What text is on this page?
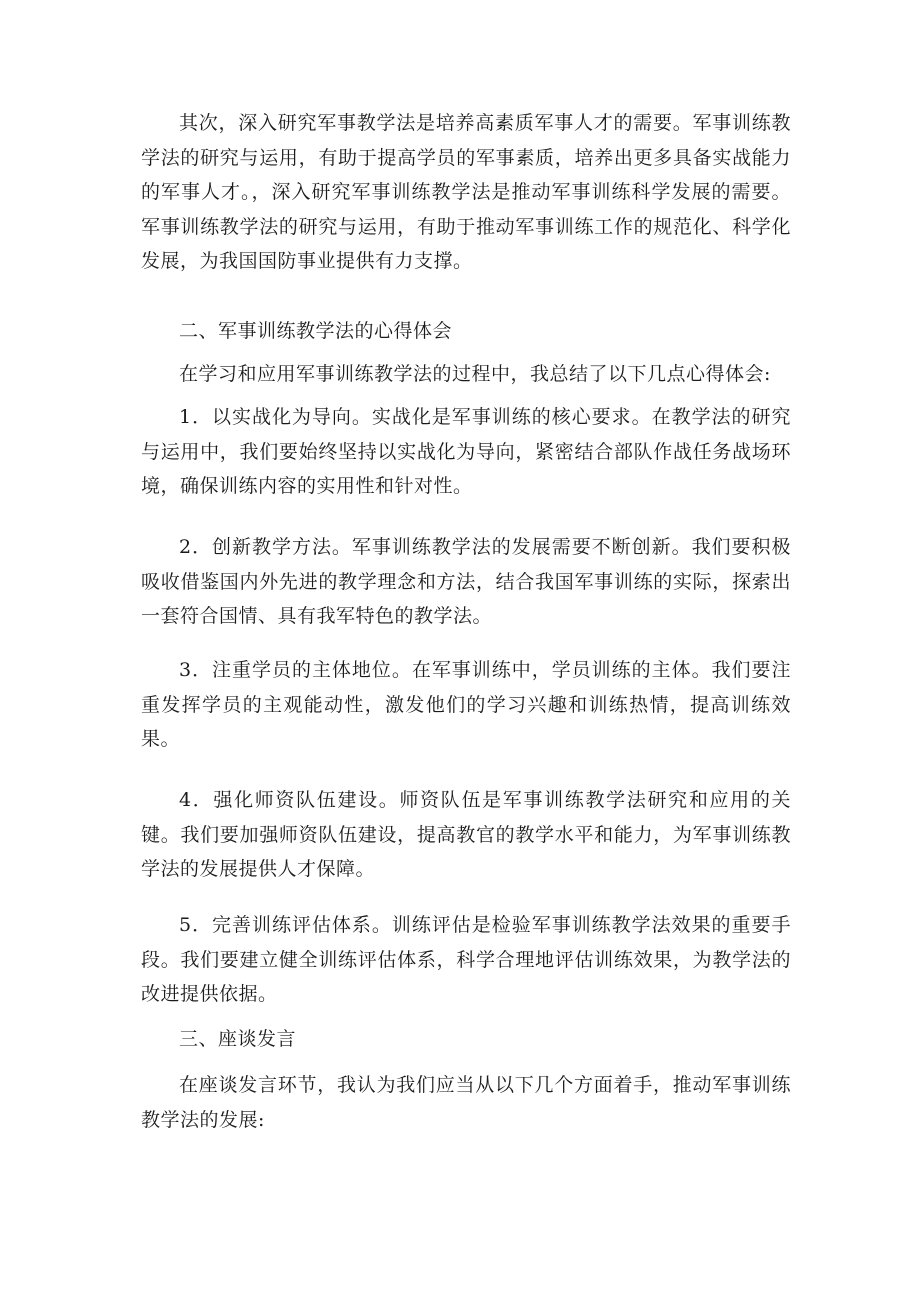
其次，深入研究军事教学法是培养高素质军事人才的需要。军事训练教学法的研究与运用，有助于提高学员的军事素质，培养出更多具备实战能力的军事人才。，深入研究军事训练教学法是推动军事训练科学发展的需要。军事训练教学法的研究与运用，有助于推动军事训练工作的规范化、科学化发展，为我国国防事业提供有力支撑。

二、军事训练教学法的心得体会

在学习和应用军事训练教学法的过程中，我总结了以下几点心得体会:

1．以实战化为导向。实战化是军事训练的核心要求。在教学法的研究与运用中，我们要始终坚持以实战化为导向，紧密结合部队作战任务战场环境，确保训练内容的实用性和针对性。

2．创新教学方法。军事训练教学法的发展需要不断创新。我们要积极吸收借鉴国内外先进的教学理念和方法，结合我国军事训练的实际，探索出一套符合国情、具有我军特色的教学法。

3．注重学员的主体地位。在军事训练中，学员训练的主体。我们要注重发挥学员的主观能动性，激发他们的学习兴趣和训练热情，提高训练效果。

4．强化师资队伍建设。师资队伍是军事训练教学法研究和应用的关键。我们要加强师资队伍建设，提高教官的教学水平和能力，为军事训练教学法的发展提供人才保障。

5．完善训练评估体系。训练评估是检验军事训练教学法效果的重要手段。我们要建立健全训练评估体系，科学合理地评估训练效果，为教学法的改进提供依据。

三、座谈发言

在座谈发言环节，我认为我们应当从以下几个方面着手，推动军事训练教学法的发展:
